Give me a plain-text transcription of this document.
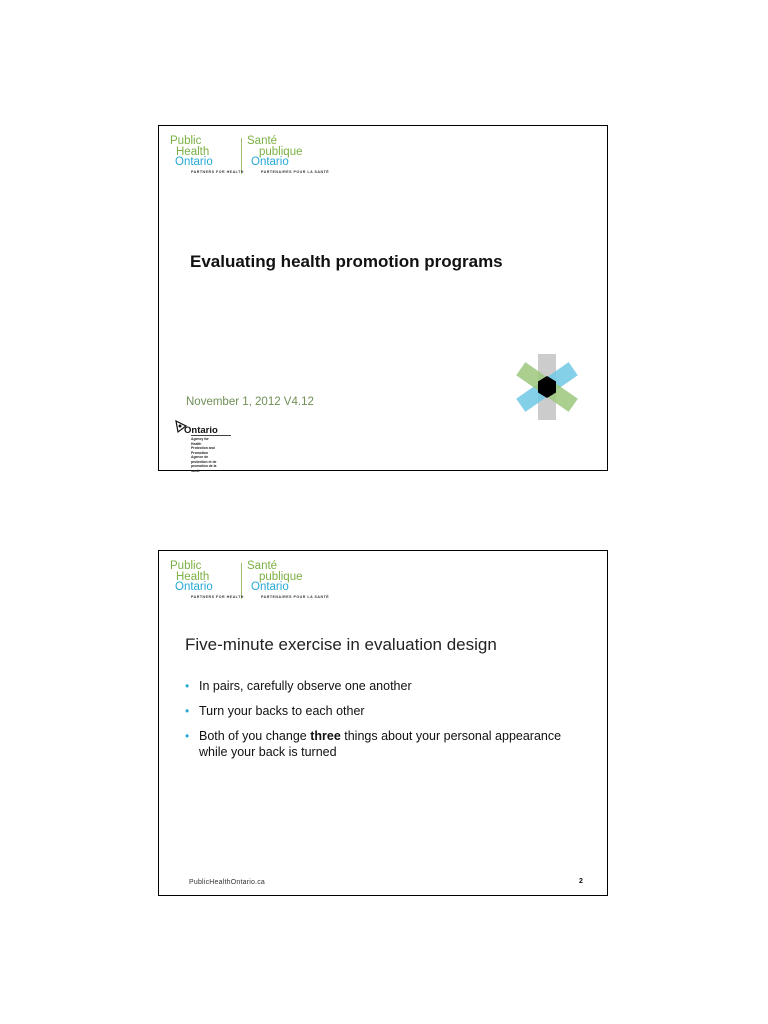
Public
Health
Ontario
Santé
publique
Ontario
PARTNERS FOR HEALTH	PARTENAIRES POUR LA SANTÉ
Evaluating health promotion programs
November 1, 2012 V4.12
Ontario
Agency for Health Protection and Promotion
Agence de protection et de promotion de la santé
Public
Health
Ontario
Santé
publique
Ontario
PARTNERS FOR HEALTH	PARTENAIRES POUR LA SANTÉ
Five-minute exercise in evaluation design
• In pairs, carefully observe one another
• Turn your backs to each other
• Both of you change three things about your personal appearance while your back is turned
PublicHealthOntario.ca	2
